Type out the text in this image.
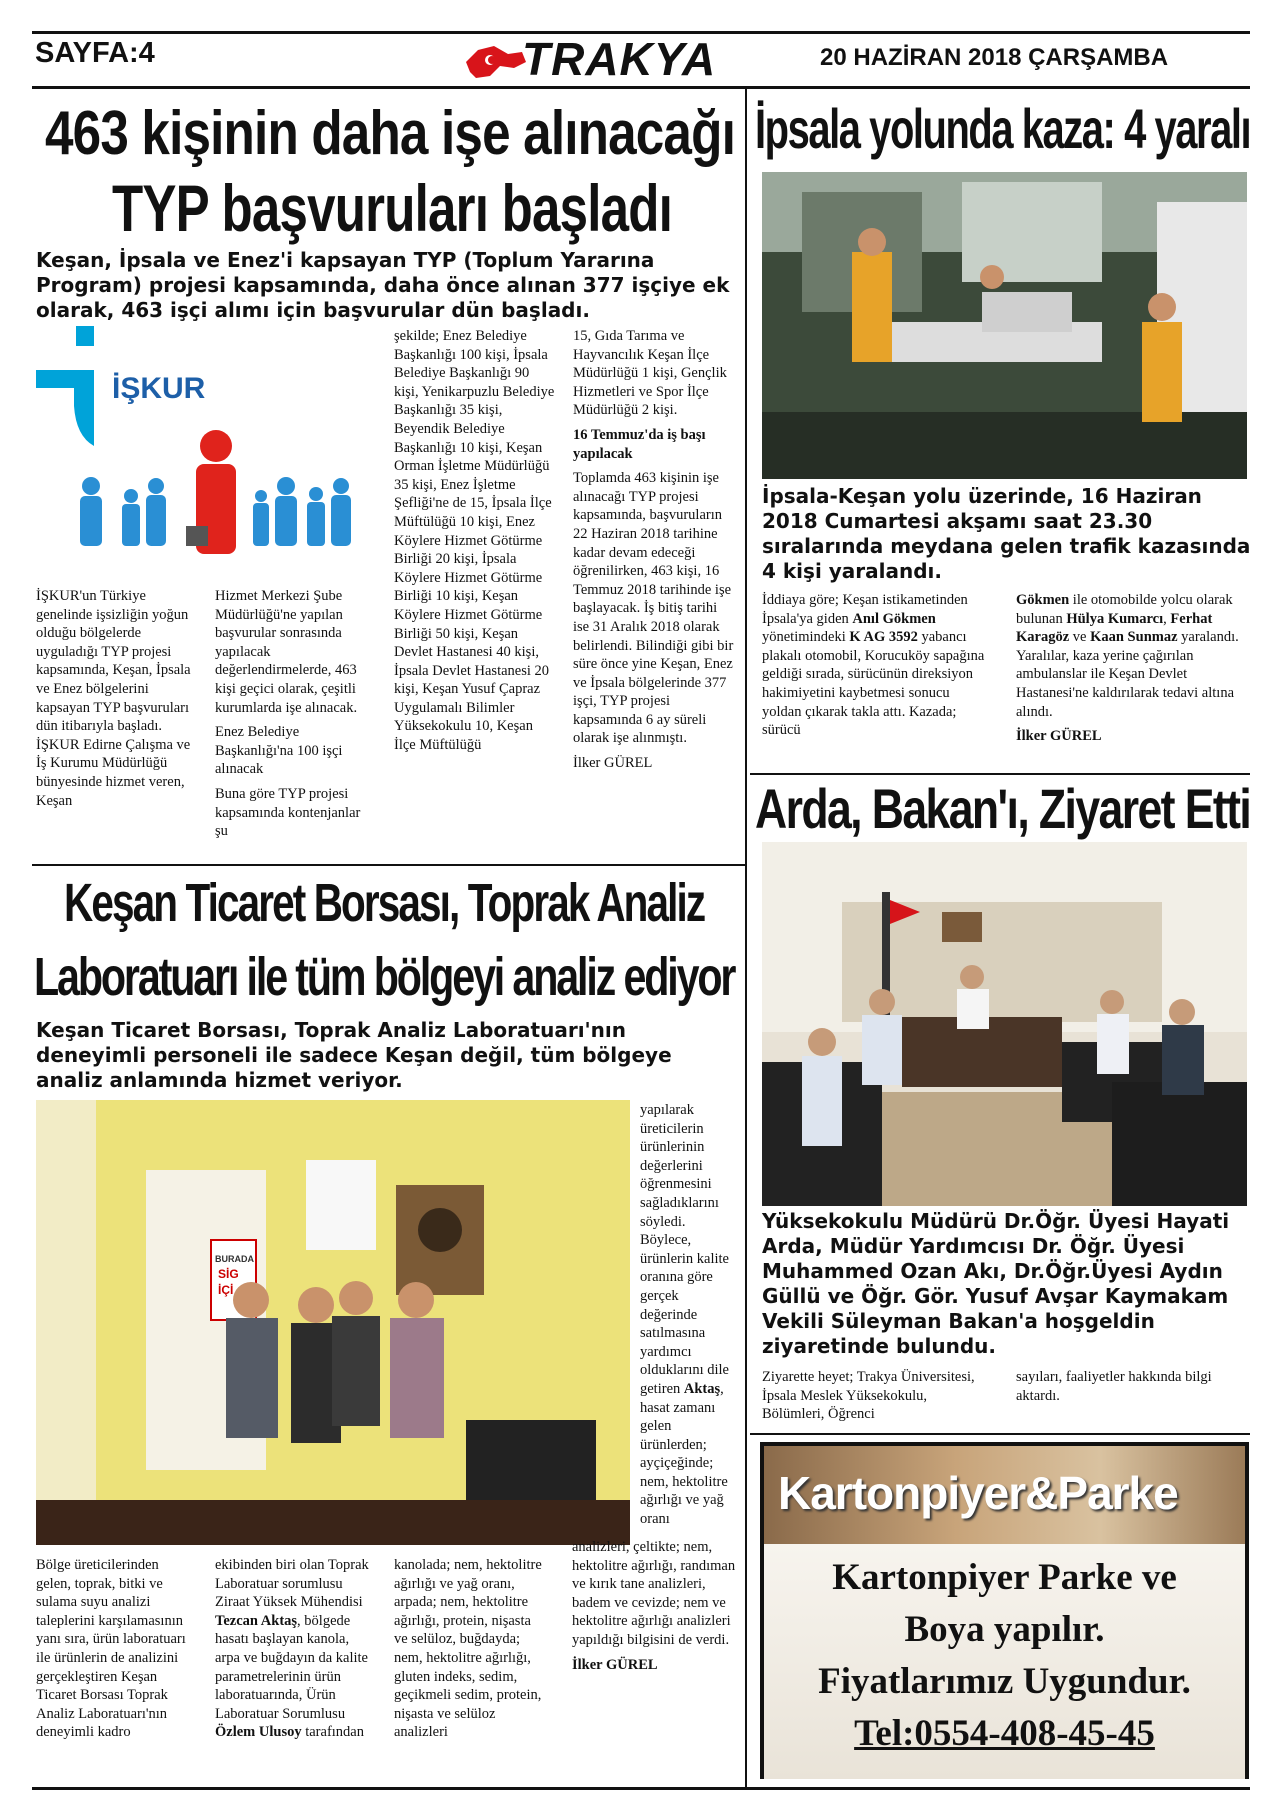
SAYFA:4	TRAKYA	20 HAZİRAN 2018 ÇARŞAMBA
463 kişinin daha işe alınacağı
TYP başvuruları başladı
Keşan, İpsala ve Enez'i kapsayan TYP (Toplum Yararına Program) projesi kapsamında, daha önce alınan 377 işçiye ek olarak, 463 işçi alımı için başvurular dün başladı.
İŞKUR

İŞKUR'un Türkiye genelinde işsizliğin yoğun olduğu bölgelerde uyguladığı TYP projesi kapsamında, Keşan, İpsala ve Enez bölgelerini kapsayan TYP başvuruları dün itibarıyla başladı. İŞKUR Edirne Çalışma ve İş Kurumu Müdürlüğü bünyesinde hizmet veren, Keşan

Hizmet Merkezi Şube Müdürlüğü'ne yapılan başvurular sonrasında yapılacak değerlendirmelerde, 463 kişi geçici olarak, çeşitli kurumlarda işe alınacak.

Enez Belediye Başkanlığı'na 100 işçi alınacak

Buna göre TYP projesi kapsamında kontenjanlar şu

şekilde; Enez Belediye Başkanlığı 100 kişi, İpsala Belediye Başkanlığı 90 kişi, Yenikarpuzlu Belediye Başkanlığı 35 kişi, Beyendik Belediye Başkanlığı 10 kişi, Keşan Orman İşletme Müdürlüğü 35 kişi, Enez İşletme Şefliği'ne de 15, İpsala İlçe Müftülüğü 10 kişi, Enez Köylere Hizmet Götürme Birliği 20 kişi, İpsala Köylere Hizmet Götürme Birliği 10 kişi, Keşan Köylere Hizmet Götürme Birliği 50 kişi, Keşan Devlet Hastanesi 40 kişi, İpsala Devlet Hastanesi 20 kişi, Keşan Yusuf Çapraz Uygulamalı Bilimler Yüksekokulu 10, Keşan İlçe Müftülüğü

15, Gıda Tarıma ve Hayvancılık Keşan İlçe Müdürlüğü 1 kişi, Gençlik Hizmetleri ve Spor İlçe Müdürlüğü 2 kişi.

16 Temmuz'da iş başı yapılacak

Toplamda 463 kişinin işe alınacağı TYP projesi kapsamında, başvuruların 22 Haziran 2018 tarihine kadar devam edeceği öğrenilirken, 463 kişi, 16 Temmuz 2018 tarihinde işe başlayacak. İş bitiş tarihi ise 31 Aralık 2018 olarak belirlendi. Bilindiği gibi bir süre önce yine Keşan, Enez ve İpsala bölgelerinde 377 işçi, TYP projesi kapsamında 6 ay süreli olarak işe alınmıştı.

İlker GÜREL

İpsala yolunda kaza: 4 yaralı
İpsala-Keşan yolu üzerinde, 16 Haziran 2018 Cumartesi akşamı saat 23.30 sıralarında meydana gelen trafik kazasında 4 kişi yaralandı.

İddiaya göre; Keşan istikametinden İpsala'ya giden Anıl Gökmen yönetimindeki K AG 3592 yabancı plakalı otomobil, Korucuköy sapağına geldiği sırada, sürücünün direksiyon hakimiyetini kaybetmesi sonucu yoldan çıkarak takla attı. Kazada; sürücü

Gökmen ile otomobilde yolcu olarak bulunan Hülya Kumarcı, Ferhat Karagöz ve Kaan Sunmaz yaralandı. Yaralılar, kaza yerine çağırılan ambulanslar ile Keşan Devlet Hastanesi'ne kaldırılarak tedavi altına alındı.

İlker GÜREL

Arda, Bakan'ı, Ziyaret Etti
Yüksekokulu Müdürü Dr.Öğr. Üyesi Hayati Arda, Müdür Yardımcısı Dr. Öğr. Üyesi Muhammed Ozan Akı, Dr.Öğr.Üyesi Aydın Güllü ve Öğr. Gör. Yusuf Avşar Kaymakam Vekili Süleyman Bakan'a hoşgeldin ziyaretinde bulundu.

Ziyarette heyet; Trakya Üniversitesi, İpsala Meslek Yüksekokulu, Bölümleri, Öğrenci

sayıları, faaliyetler hakkında bilgi aktardı.

Keşan Ticaret Borsası, Toprak Analiz
Laboratuarı ile tüm bölgeyi analiz ediyor
Keşan Ticaret Borsası, Toprak Analiz Laboratuarı'nın deneyimli personeli ile sadece Keşan değil, tüm bölgeye analiz anlamında hizmet veriyor.
BURADA
SİG
İÇİ

yapılarak üreticilerin ürünlerinin değerlerini öğrenmesini sağladıklarını söyledi. Böylece, ürünlerin kalite oranına göre gerçek değerinde satılmasına yardımcı olduklarını dile getiren Aktaş, hasat zamanı gelen ürünlerden; ayçiçeğinde; nem, hektolitre ağırlığı ve yağ oranı

Bölge üreticilerinden gelen, toprak, bitki ve sulama suyu analizi taleplerini karşılamasının yanı sıra, ürün laboratuarı ile ürünlerin de analizini gerçekleştiren Keşan Ticaret Borsası Toprak Analiz Laboratuarı'nın deneyimli kadro

ekibinden biri olan Toprak Laboratuar sorumlusu Ziraat Yüksek Mühendisi Tezcan Aktaş, bölgede hasatı başlayan kanola, arpa ve buğdayın da kalite parametrelerinin ürün laboratuarında, Ürün Laboratuar Sorumlusu Özlem Ulusoy tarafından

kanolada; nem, hektolitre ağırlığı ve yağ oranı, arpada; nem, hektolitre ağırlığı, protein, nişasta ve selüloz, buğdayda; nem, hektolitre ağırlığı, gluten indeks, sedim, geçikmeli sedim, protein, nişasta ve selüloz analizleri

analizleri, çeltikte; nem, hektolitre ağırlığı, randıman ve kırık tane analizleri, badem ve cevizde; nem ve hektolitre ağırlığı analizleri yapıldığı bilgisini de verdi.

İlker GÜREL

Kartonpiyer&Parke
Kartonpiyer Parke ve
Boya yapılır.
Fiyatlarımız Uygundur.
Tel:0554-408-45-45
